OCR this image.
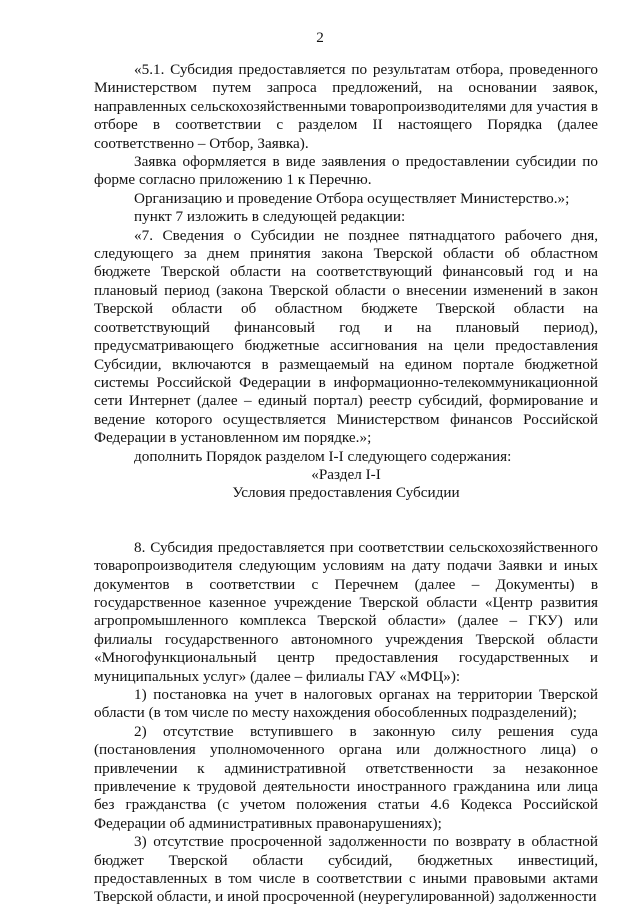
2

«5.1. Субсидия предоставляется по результатам отбора, проведенного Министерством путем запроса предложений, на основании заявок, направленных сельскохозяйственными товаропроизводителями для участия в отборе в соответствии с разделом II настоящего Порядка (далее соответственно – Отбор, Заявка).

Заявка оформляется в виде заявления о предоставлении субсидии по форме согласно приложению 1 к Перечню.

Организацию и проведение Отбора осуществляет Министерство.»;

пункт 7 изложить в следующей редакции:

«7. Сведения о Субсидии не позднее пятнадцатого рабочего дня, следующего за днем принятия закона Тверской области об областном бюджете Тверской области на соответствующий финансовый год и на плановый период (закона Тверской области о внесении изменений в закон Тверской области об областном бюджете Тверской области на соответствующий финансовый год и на плановый период), предусматривающего бюджетные ассигнования на цели предоставления Субсидии, включаются в размещаемый на едином портале бюджетной системы Российской Федерации в информационно-телекоммуникационной сети Интернет (далее – единый портал) реестр субсидий, формирование и ведение которого осуществляется Министерством финансов Российской Федерации в установленном им порядке.»;

дополнить Порядок разделом I-I следующего содержания:

«Раздел I-I

Условия предоставления Субсидии

8. Субсидия предоставляется при соответствии сельскохозяйственного товаропроизводителя следующим условиям на дату подачи Заявки и иных документов в соответствии с Перечнем (далее – Документы) в государственное казенное учреждение Тверской области «Центр развития агропромышленного комплекса Тверской области» (далее – ГКУ) или филиалы государственного автономного учреждения Тверской области «Многофункциональный центр предоставления государственных и муниципальных услуг» (далее – филиалы ГАУ «МФЦ»):

1) постановка на учет в налоговых органах на территории Тверской области (в том числе по месту нахождения обособленных подразделений);

2) отсутствие вступившего в законную силу решения суда (постановления уполномоченного органа или должностного лица) о привлечении к административной ответственности за незаконное привлечение к трудовой деятельности иностранного гражданина или лица без гражданства (с учетом положения статьи 4.6 Кодекса Российской Федерации об административных правонарушениях);

3) отсутствие просроченной задолженности по возврату в областной бюджет Тверской области субсидий, бюджетных инвестиций, предоставленных в том числе в соответствии с иными правовыми актами Тверской области, и иной просроченной (неурегулированной) задолженности
